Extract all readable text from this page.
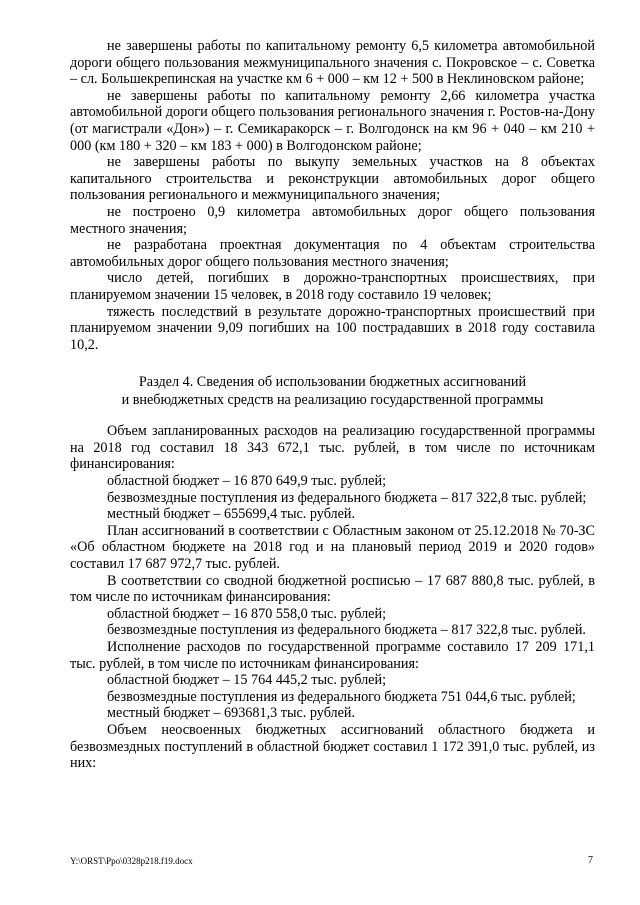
не завершены работы по капитальному ремонту 6,5 километра автомобильной дороги общего пользования межмуниципального значения с. Покровское – с. Советка – сл. Большекрепинская на участке км 6 + 000 – км 12 + 500 в Неклиновском районе;

не завершены работы по капитальному ремонту 2,66 километра участка автомобильной дороги общего пользования регионального значения г. Ростов-на-Дону (от магистрали «Дон») – г. Семикаракорск – г. Волгодонск на км 96 + 040 – км 210 + 000 (км 180 + 320 – км 183 + 000) в Волгодонском районе;

не завершены работы по выкупу земельных участков на 8 объектах капитального строительства и реконструкции автомобильных дорог общего пользования регионального и межмуниципального значения;

не построено 0,9 километра автомобильных дорог общего пользования местного значения;

не разработана проектная документация по 4 объектам строительства автомобильных дорог общего пользования местного значения;

число детей, погибших в дорожно-транспортных происшествиях, при планируемом значении 15 человек, в 2018 году составило 19 человек;

тяжесть последствий в результате дорожно-транспортных происшествий при планируемом значении 9,09 погибших на 100 пострадавших в 2018 году составила 10,2.

Раздел 4. Сведения об использовании бюджетных ассигнований
и внебюджетных средств на реализацию государственной программы

Объем запланированных расходов на реализацию государственной программы на 2018 год составил 18 343 672,1 тыс. рублей, в том числе по источникам финансирования:

областной бюджет – 16 870 649,9 тыс. рублей;

безвозмездные поступления из федерального бюджета – 817 322,8 тыс. рублей;

местный бюджет – 655699,4 тыс. рублей.

План ассигнований в соответствии с Областным законом от 25.12.2018 № 70-ЗС «Об областном бюджете на 2018 год и на плановый период 2019 и 2020 годов» составил 17 687 972,7 тыс. рублей.

В соответствии со сводной бюджетной росписью – 17 687 880,8 тыс. рублей, в том числе по источникам финансирования:

областной бюджет – 16 870 558,0 тыс. рублей;

безвозмездные поступления из федерального бюджета – 817 322,8 тыс. рублей.

Исполнение расходов по государственной программе составило 17 209 171,1 тыс. рублей, в том числе по источникам финансирования:

областной бюджет – 15 764 445,2 тыс. рублей;

безвозмездные поступления из федерального бюджета 751 044,6 тыс. рублей;

местный бюджет – 693681,3 тыс. рублей.

Объем неосвоенных бюджетных ассигнований областного бюджета и безвозмездных поступлений в областной бюджет составил 1 172 391,0 тыс. рублей, из них:

Y:\ORST\Ppo\0328p218.f19.docx	7
